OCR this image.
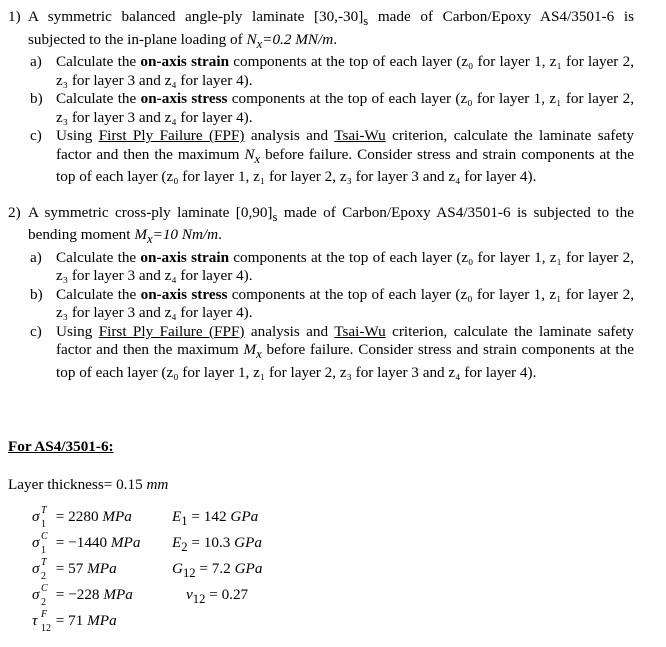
1) A symmetric balanced angle-ply laminate $[30,-30]_s$ made of Carbon/Epoxy AS4/3501-6 is subjected to the in-plane loading of $N_x=0.2$ MN/m.
a) Calculate the on-axis strain components at the top of each layer (z₀ for layer 1, z₁ for layer 2, z₃ for layer 3 and z₄ for layer 4).
b) Calculate the on-axis stress components at the top of each layer (z₀ for layer 1, z₁ for layer 2, z₃ for layer 3 and z₄ for layer 4).
c) Using First Ply Failure (FPF) analysis and Tsai-Wu criterion, calculate the laminate safety factor and then the maximum $N_x$ before failure. Consider stress and strain components at the top of each layer (z₀ for layer 1, z₁ for layer 2, z₃ for layer 3 and z₄ for layer 4).
2) A symmetric cross-ply laminate $[0,90]_s$ made of Carbon/Epoxy AS4/3501-6 is subjected to the bending moment $M_x=10$ Nm/m.
a) Calculate the on-axis strain components at the top of each layer (z₀ for layer 1, z₁ for layer 2, z₃ for layer 3 and z₄ for layer 4).
b) Calculate the on-axis stress components at the top of each layer (z₀ for layer 1, z₁ for layer 2, z₃ for layer 3 and z₄ for layer 4).
c) Using First Ply Failure (FPF) analysis and Tsai-Wu criterion, calculate the laminate safety factor and then the maximum $M_x$ before failure. Consider stress and strain components at the top of each layer (z₀ for layer 1, z₁ for layer 2, z₃ for layer 3 and z₄ for layer 4).
For AS4/3501-6:
Layer thickness= 0.15 mm
σ T
1 = 2280 MPa
σ C
1 = −1440 MPa
σ T
2 = 57 MPa
σ C
2 = −228 MPa
τ F
12 = 71 MPa
$E_1 = 142$ GPa
$E_2 = 10.3$ GPa
$G_{12} = 7.2$ GPa
$\nu_{12} = 0.27$
